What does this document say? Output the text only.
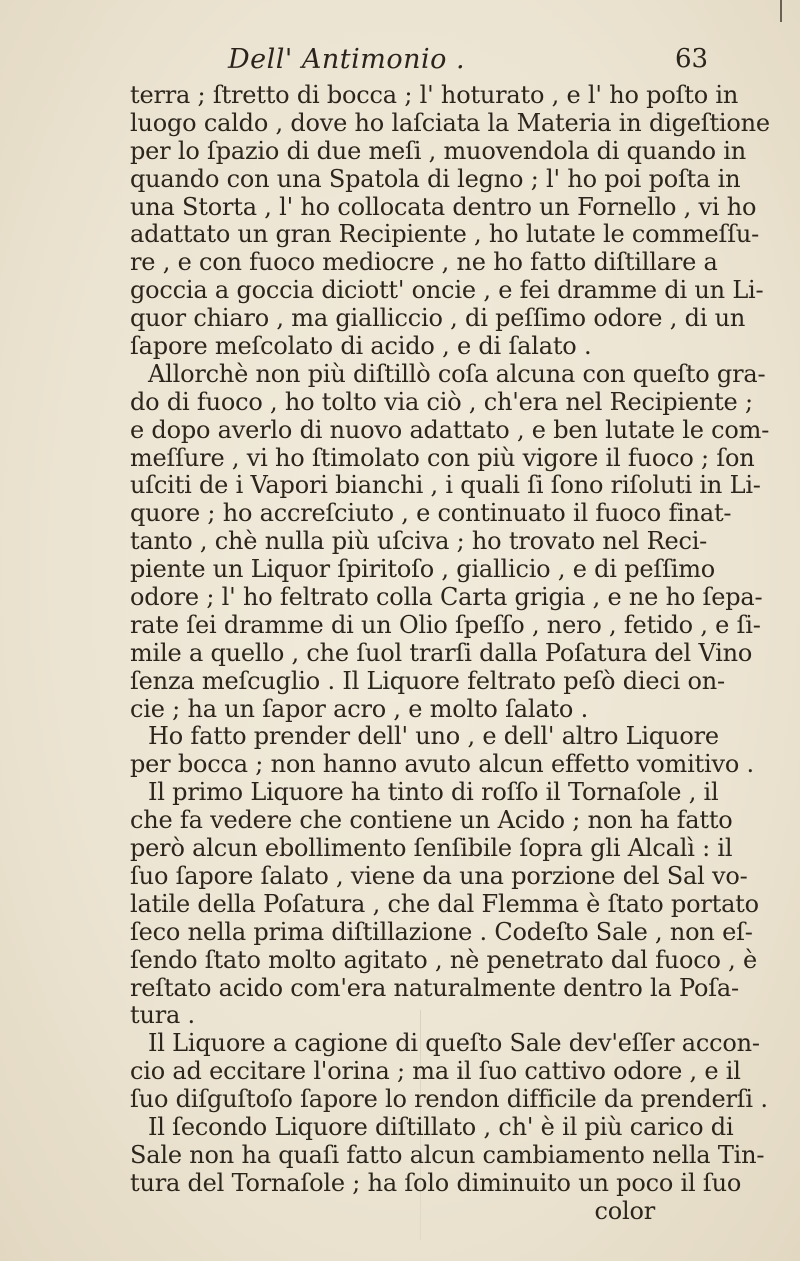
Dell' Antimonio .	63
terra ; ſtretto di bocca ; l' hoturato , e l' ho poſto in
luogo caldo , dove ho laſciata la Materia in digeſtione
per lo ſpazio di due meſi , muovendola di quando in
quando con una Spatola di legno ; l' ho poi poſta in
una Storta , l' ho collocata dentro un Fornello , vi ho
adattato un gran Recipiente , ho lutate le commeſſu-
re , e con fuoco mediocre , ne ho fatto diſtillare a
goccia a goccia diciott' oncie , e fei dramme di un Li-
quor chiaro , ma gialliccio , di peſſimo odore , di un
ſapore meſcolato di acido , e di ſalato .
Allorchè non più diſtillò coſa alcuna con queſto gra-
do di fuoco , ho tolto via ciò , ch'era nel Recipiente ;
e dopo averlo di nuovo adattato , e ben lutate le com-
meſſure , vi ho ſtimolato con più vigore il fuoco ; ſon
uſciti de i Vapori bianchi , i quali ſi ſono riſoluti in Li-
quore ; ho accreſciuto , e continuato il fuoco finat-
tanto , chè nulla più uſciva ; ho trovato nel Reci-
piente un Liquor ſpiritoſo , giallicio , e di peſſimo
odore ; l' ho feltrato colla Carta grigia , e ne ho ſepa-
rate ſei dramme di un Olio ſpeſſo , nero , fetido , e ſi-
mile a quello , che ſuol trarſi dalla Poſatura del Vino
ſenza meſcuglio . Il Liquore feltrato peſò dieci on-
cie ; ha un ſapor acro , e molto ſalato .
Ho fatto prender dell' uno , e dell' altro Liquore
per bocca ; non hanno avuto alcun effetto vomitivo .
Il primo Liquore ha tinto di roſſo il Tornaſole , il
che fa vedere che contiene un Acido ; non ha fatto
però alcun ebollimento ſenſibile ſopra gli Alcalì : il
ſuo ſapore ſalato , viene da una porzione del Sal vo-
latile della Poſatura , che dal Flemma è ſtato portato
ſeco nella prima diſtillazione . Codeſto Sale , non eſ-
ſendo ſtato molto agitato , nè penetrato dal fuoco , è
reſtato acido com'era naturalmente dentro la Poſa-
tura .
Il Liquore a cagione di queſto Sale dev'eſſer accon-
cio ad eccitare l'orina ; ma il ſuo cattivo odore , e il
ſuo diſguſtoſo ſapore lo rendon difficile da prenderſi .
Il ſecondo Liquore diſtillato , ch' è il più carico di
Sale non ha quaſi fatto alcun cambiamento nella Tin-
tura del Tornaſole ; ha ſolo diminuito un poco il ſuo
color
